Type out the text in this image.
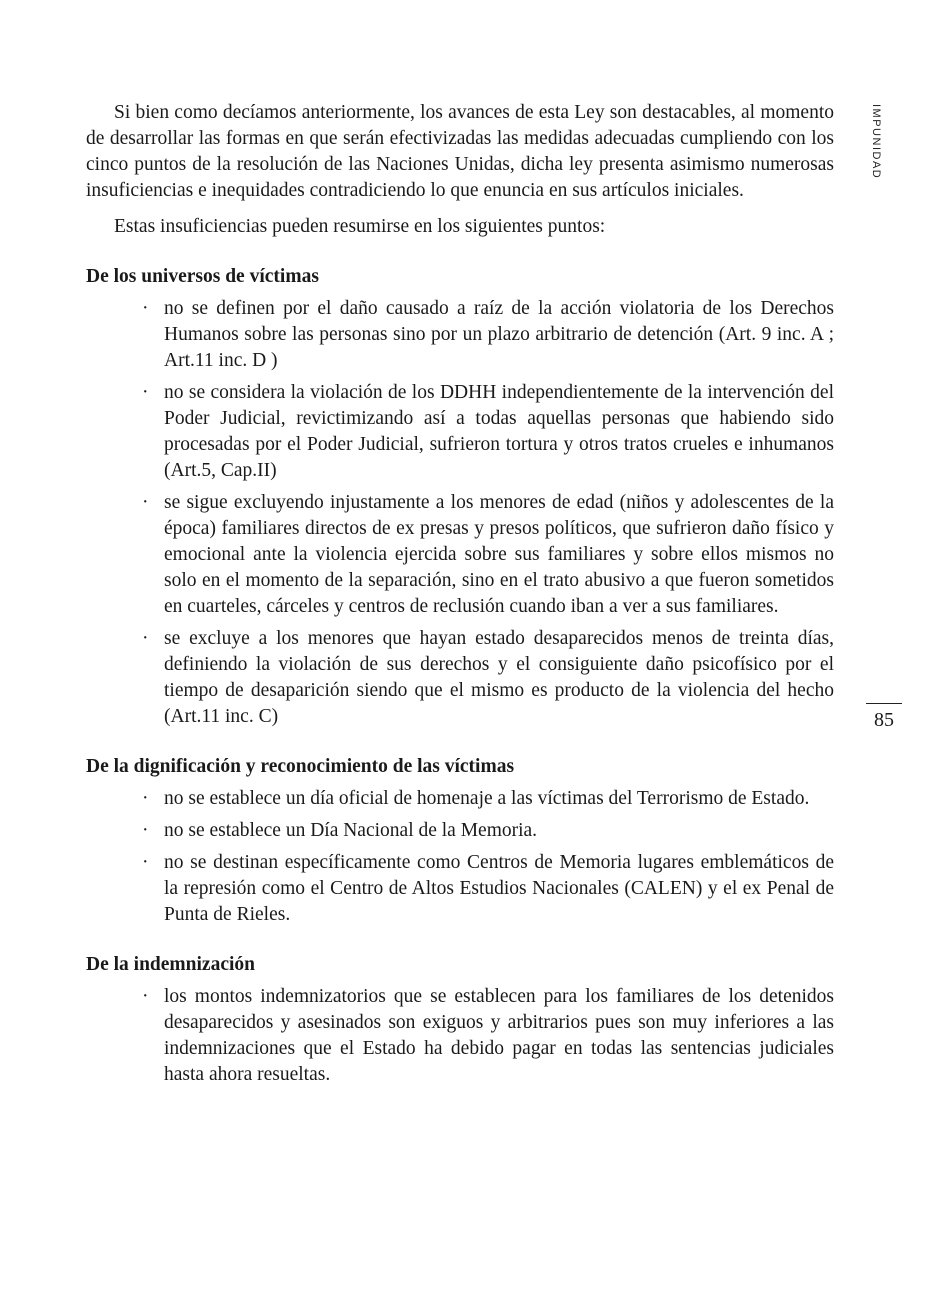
IMPUNIDAD
85

Si bien como decíamos anteriormente, los avances de esta Ley son destacables, al momento de desarrollar las formas en que serán efectivizadas las medidas adecuadas cumpliendo con los cinco puntos de la resolución de las Naciones Unidas, dicha ley presenta asimismo numerosas insuficiencias e inequidades contradiciendo lo que enuncia en sus artículos iniciales.

Estas insuficiencias pueden resumirse en los siguientes puntos:

De los universos de víctimas
· no se definen por el daño causado a raíz de la acción violatoria de los Derechos Humanos sobre las personas sino por un plazo arbitrario de detención (Art. 9 inc. A ; Art.11 inc. D )
· no se considera la violación de los DDHH independientemente de la intervención del Poder Judicial, revictimizando así a todas aquellas personas que habiendo sido procesadas por el Poder Judicial, sufrieron tortura y otros tratos crueles e inhumanos (Art.5, Cap.II)
· se sigue excluyendo injustamente a los menores de edad (niños y adolescentes de la época) familiares directos de ex presas y presos políticos, que sufrieron daño físico y emocional ante la violencia ejercida sobre sus familiares y sobre ellos mismos no solo en el momento de la separación, sino en el trato abusivo a que fueron sometidos en cuarteles, cárceles y centros de reclusión cuando iban a ver a sus familiares.
· se excluye a los menores que hayan estado desaparecidos menos de treinta días, definiendo la violación de sus derechos y el consiguiente daño psicofísico por el tiempo de desaparición siendo que el mismo es producto de la violencia del hecho (Art.11 inc. C)
De la dignificación y reconocimiento de las víctimas
· no se establece un día oficial de homenaje a las víctimas del Terrorismo de Estado.
· no se establece un Día Nacional de la Memoria.
· no se destinan específicamente como Centros de Memoria lugares emblemáticos de la represión como el Centro de Altos Estudios Nacionales (CALEN) y el ex Penal de Punta de Rieles.
De la indemnización
· los montos indemnizatorios que se establecen para los familiares de los detenidos desaparecidos y asesinados son exiguos y arbitrarios pues son muy inferiores a las indemnizaciones que el Estado ha debido pagar en todas las sentencias judiciales hasta ahora resueltas.
